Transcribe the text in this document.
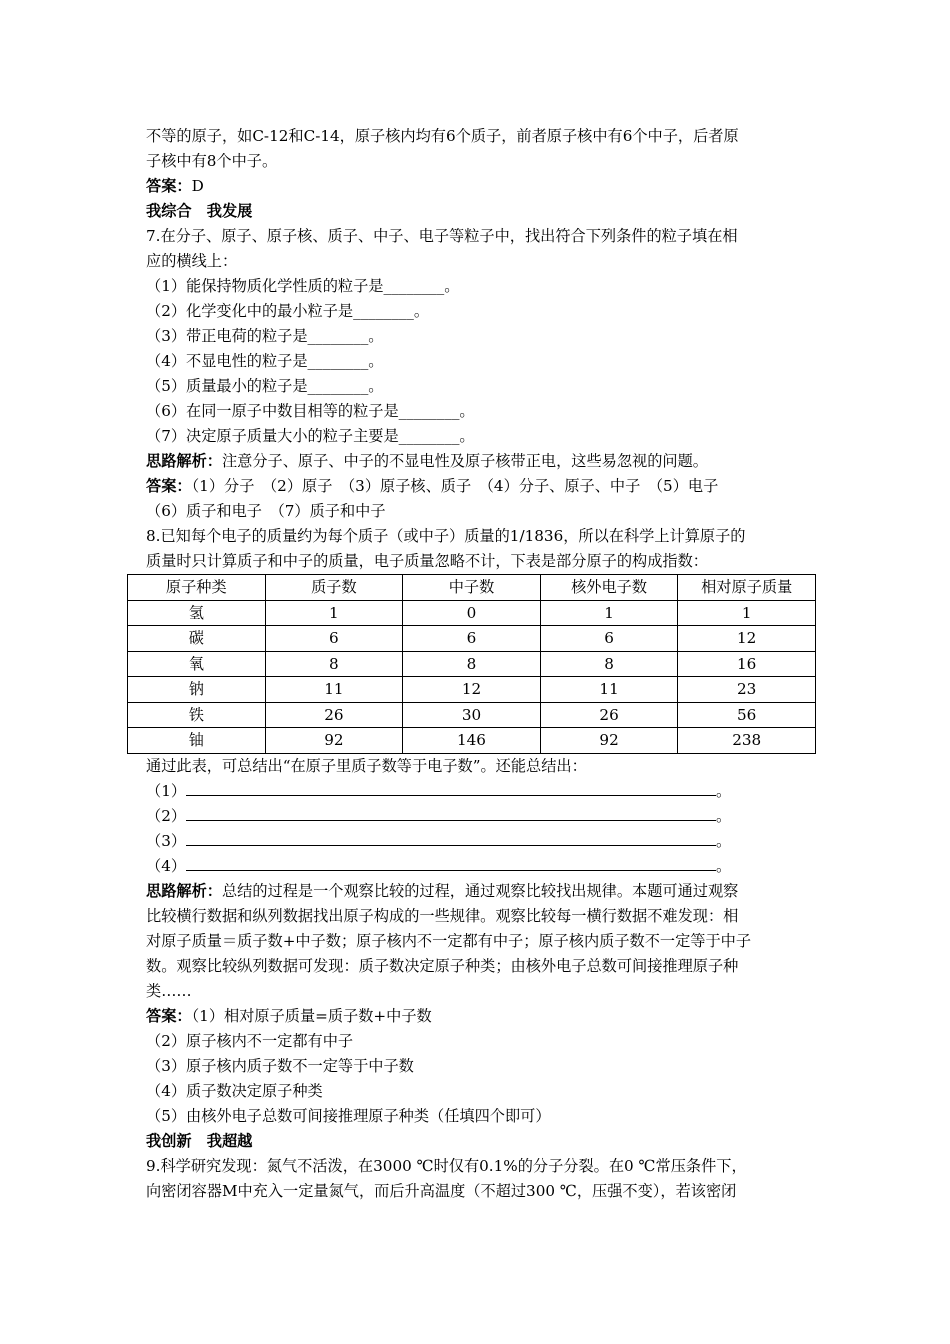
不等的原子，如C-12和C-14，原子核内均有6个质子，前者原子核中有6个中子，后者原
子核中有8个中子。
答案：D
我综合　我发展
7.在分子、原子、原子核、质子、中子、电子等粒子中，找出符合下列条件的粒子填在相
应的横线上：
（1）能保持物质化学性质的粒子是________。
（2）化学变化中的最小粒子是________。
（3）带正电荷的粒子是________。
（4）不显电性的粒子是________。
（5）质量最小的粒子是________。
（6）在同一原子中数目相等的粒子是________。
（7）决定原子质量大小的粒子主要是________。
思路解析：注意分子、原子、中子的不显电性及原子核带正电，这些易忽视的问题。
答案：（1）分子　（2）原子　（3）原子核、质子　（4）分子、原子、中子　（5）电子
（6）质子和电子　（7）质子和中子
8.已知每个电子的质量约为每个质子（或中子）质量的1/1836，所以在科学上计算原子的
质量时只计算质子和中子的质量，电子质量忽略不计，下表是部分原子的构成指数：
原子种类	质子数	中子数	核外电子数	相对原子质量
氢	1	0	1	1
碳	6	6	6	12
氧	8	8	8	16
钠	11	12	11	23
铁	26	30	26	56
铀	92	146	92	238
通过此表，可总结出“在原子里质子数等于电子数”。还能总结出：
（1）	。
（2）	。
（3）	。
（4）	。
思路解析：总结的过程是一个观察比较的过程，通过观察比较找出规律。本题可通过观察
比较横行数据和纵列数据找出原子构成的一些规律。观察比较每一横行数据不难发现：相
对原子质量＝质子数+中子数；原子核内不一定都有中子；原子核内质子数不一定等于中子
数。观察比较纵列数据可发现：质子数决定原子种类；由核外电子总数可间接推理原子种
类……
答案：（1）相对原子质量=质子数+中子数
（2）原子核内不一定都有中子
（3）原子核内质子数不一定等于中子数
（4）质子数决定原子种类
（5）由核外电子总数可间接推理原子种类（任填四个即可）
我创新　我超越
9.科学研究发现：氮气不活泼，在3000 ℃时仅有0.1%的分子分裂。在0 ℃常压条件下，
向密闭容器M中充入一定量氮气，而后升高温度（不超过300 ℃，压强不变），若该密闭
